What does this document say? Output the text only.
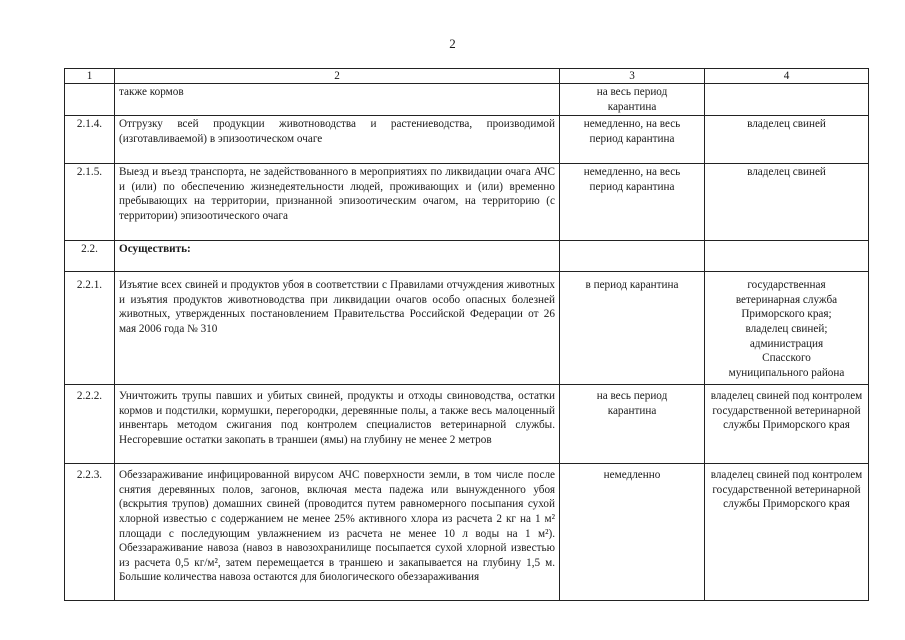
2
1	2	3	4
	также кормов	на весь период карантина	
2.1.4.	Отгрузку всей продукции животноводства и растениеводства, производимой (изготавливаемой) в эпизоотическом очаге	немедленно, на весь период карантина	владелец свиней
2.1.5.	Выезд и въезд транспорта, не задействованного в мероприятиях по ликвидации очага АЧС и (или) по обеспечению жизнедеятельности людей, проживающих и (или) временно пребывающих на территории, признанной эпизоотическим очагом, на территорию (с территории) эпизоотического очага	немедленно, на весь период карантина	владелец свиней
2.2.	Осуществить:		
2.2.1.	Изъятие всех свиней и продуктов убоя в соответствии с Правилами отчуждения животных и изъятия продуктов животноводства при ликвидации очагов особо опасных болезней животных, утвержденных постановлением Правительства Российской Федерации от 26 мая 2006 года № 310	в период карантина	государственная ветеринарная служба Приморского края; владелец свиней; администрация Спасского муниципального района
2.2.2.	Уничтожить трупы павших и убитых свиней, продукты и отходы свиноводства, остатки кормов и подстилки, кормушки, перегородки, деревянные полы, а также весь малоценный инвентарь методом сжигания под контролем специалистов ветеринарной службы. Несгоревшие остатки закопать в траншеи (ямы) на глубину не менее 2 метров	на весь период карантина	владелец свиней под контролем государственной ветеринарной службы Приморского края
2.2.3.	Обеззараживание инфицированной вирусом АЧС поверхности земли, в том числе после снятия деревянных полов, загонов, включая места падежа или вынужденного убоя (вскрытия трупов) домашних свиней (проводится путем равномерного посыпания сухой хлорной известью с содержанием не менее 25% активного хлора из расчета 2 кг на 1 м² площади с последующим увлажнением из расчета не менее 10 л воды на 1 м²). Обеззараживание навоза (навоз в навозохранилище посыпается сухой хлорной известью из расчета 0,5 кг/м², затем перемещается в траншею и закапывается на глубину 1,5 м. Большие количества навоза остаются для биологического обеззараживания	немедленно	владелец свиней под контролем государственной ветеринарной службы Приморского края
